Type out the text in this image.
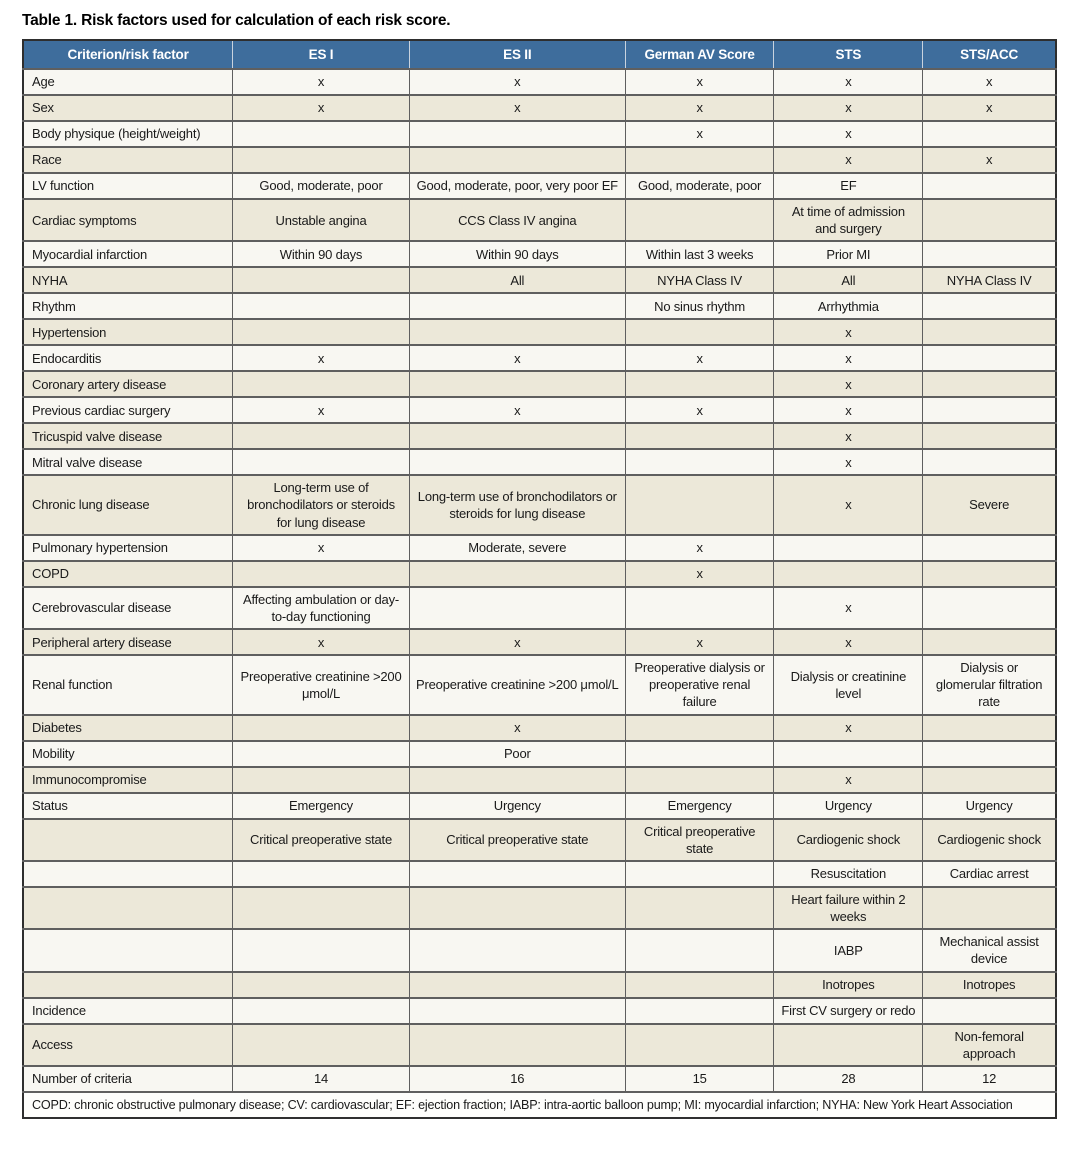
Table 1. Risk factors used for calculation of each risk score.
Criterion/risk factor	ES I	ES II	German AV Score	STS	STS/ACC
Age	x	x	x	x	x
Sex	x	x	x	x	x
Body physique (height/weight)			x	x	
Race				x	x
LV function	Good, moderate, poor	Good, moderate, poor, very poor EF	Good, moderate, poor	EF	
Cardiac symptoms	Unstable angina	CCS Class IV angina		At time of admission and surgery	
Myocardial infarction	Within 90 days	Within 90 days	Within last 3 weeks	Prior MI	
NYHA		All	NYHA Class IV	All	NYHA Class IV
Rhythm			No sinus rhythm	Arrhythmia	
Hypertension				x	
Endocarditis	x	x	x	x	
Coronary artery disease				x	
Previous cardiac surgery	x	x	x	x	
Tricuspid valve disease				x	
Mitral valve disease				x	
Chronic lung disease	Long-term use of bronchodilators or steroids for lung disease	Long-term use of bronchodilators or steroids for lung disease		x	Severe
Pulmonary hypertension	x	Moderate, severe	x		
COPD			x		
Cerebrovascular disease	Affecting ambulation or day-to-day functioning			x	
Peripheral artery disease	x	x	x	x	
Renal function	Preoperative creatinine >200 μmol/L	Preoperative creatinine >200 μmol/L	Preoperative dialysis or preoperative renal failure	Dialysis or creatinine level	Dialysis or glomerular filtration rate
Diabetes		x		x	
Mobility		Poor			
Immunocompromise				x	
Status	Emergency	Urgency	Emergency	Urgency	Urgency
	Critical preoperative state	Critical preoperative state	Critical preoperative state	Cardiogenic shock	Cardiogenic shock
				Resuscitation	Cardiac arrest
				Heart failure within 2 weeks	
				IABP	Mechanical assist device
				Inotropes	Inotropes
Incidence				First CV surgery or redo	
Access					Non-femoral approach
Number of criteria	14	16	15	28	12
COPD: chronic obstructive pulmonary disease; CV: cardiovascular; EF: ejection fraction; IABP: intra-aortic balloon pump; MI: myocardial infarction; NYHA: New York Heart Association					
